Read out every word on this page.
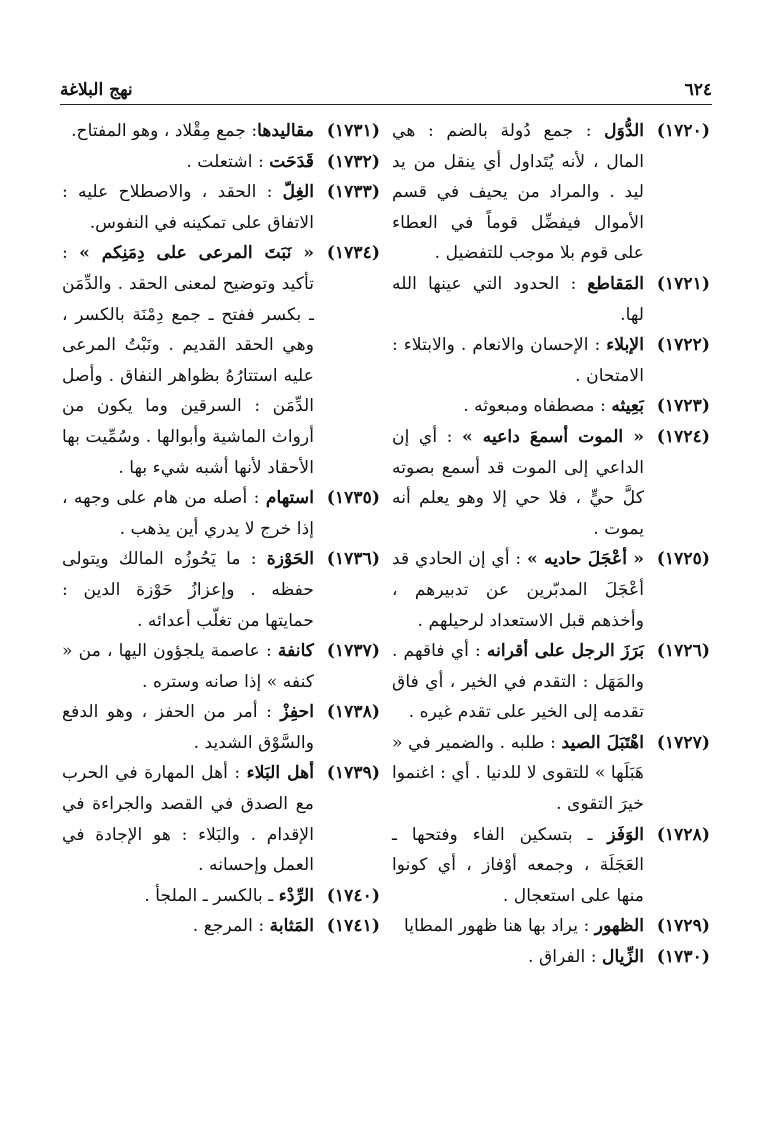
٦٢٤
نهج البلاغة
(١٧٢٠)
الدُّوَل : جمع دُولة بالضم : هي المال ، لأنه يُتَداول أي ينقل من يد ليد . والمراد من يحيف في قسم الأموال فيفضِّل قوماً في العطاء على قوم بلا موجب للتفضيل .
(١٧٢١)
المَقاطع : الحدود التي عينها الله لها.
(١٧٢٢)
الإبلاء : الإحسان والانعام . والابتلاء : الامتحان .
(١٧٢٣)
بَعِيثه : مصطفاه ومبعوثه .
(١٧٢٤)
« الموت أسمعَ داعيه » : أي إن الداعي إلى الموت قد أسمع بصوته كلَّ حيٍّ ، فلا حي إلا وهو يعلم أنه يموت .
(١٧٢٥)
« أعْجَلَ حاديه » : أي إن الحادي قد أعْجَلَ المدبّرين عن تدبيرهم ، وأخذهم قبل الاستعداد لرحيلهم .
(١٧٢٦)
بَرَزَ الرجل على أقرانه : أي فاقهم . والمَهَل : التقدم في الخير ، أي فاق تقدمه إلى الخير على تقدم غيره .
(١٧٢٧)
اهْتَبَلَ الصيد : طلبه . والضمير في « هَبَلَها » للتقوى لا للدنيا . أي : اغنموا خيرَ التقوى .
(١٧٢٨)
الوَفَز ـ بتسكين الفاء وفتحها ـ العَجَلَة ، وجمعه أوْفاز ، أي كونوا منها على استعجال .
(١٧٢٩)
الظهور : يراد بها هنا ظهور المطايا
(١٧٣٠)
الزِّيال : الفراق .
(١٧٣١)
مقاليدها: جمع مِقْلاد ، وهو المفتاح.
(١٧٣٢)
قَدَحَت : اشتعلت .
(١٧٣٣)
الغِلّ : الحقد ، والاصطلاح عليه : الاتفاق على تمكينه في النفوس.
(١٧٣٤)
« نَبَتَ المرعى على دِمَنِكم » : تأكيد وتوضيح لمعنى الحقد . والدِّمَن ـ بكسر ففتح ـ جمع دِمْنَة بالكسر ، وهي الحقد القديم . ونَبْتُ المرعى عليه استتارُهُ بظواهر النفاق . وأصل الدِّمَن : السرقين وما يكون من أرواث الماشية وأبوالها . وسُمِّيت بها الأحقاد لأنها أشبه شيء بها .
(١٧٣٥)
استهام : أصله من هام على وجهه ، إذا خرج لا يدري أين يذهب .
(١٧٣٦)
الحَوْزة : ما يَحُوزُه المالك ويتولى حفظه . وإعزازُ حَوْزة الدين : حمايتها من تغلّب أعدائه .
(١٧٣٧)
كانفة : عاصمة يلجؤون اليها ، من « كنفه » إذا صانه وستره .
(١٧٣٨)
احفِزْ : أمر من الحفز ، وهو الدفع والسَّوْق الشديد .
(١٧٣٩)
أهل البَلاء : أهل المهارة في الحرب مع الصدق في القصد والجراءة في الإقدام . والبَلاء : هو الإجادة في العمل وإحسانه .
(١٧٤٠)
الرِّدْء ـ بالكسر ـ الملجأ .
(١٧٤١)
المَثابة : المرجع .
